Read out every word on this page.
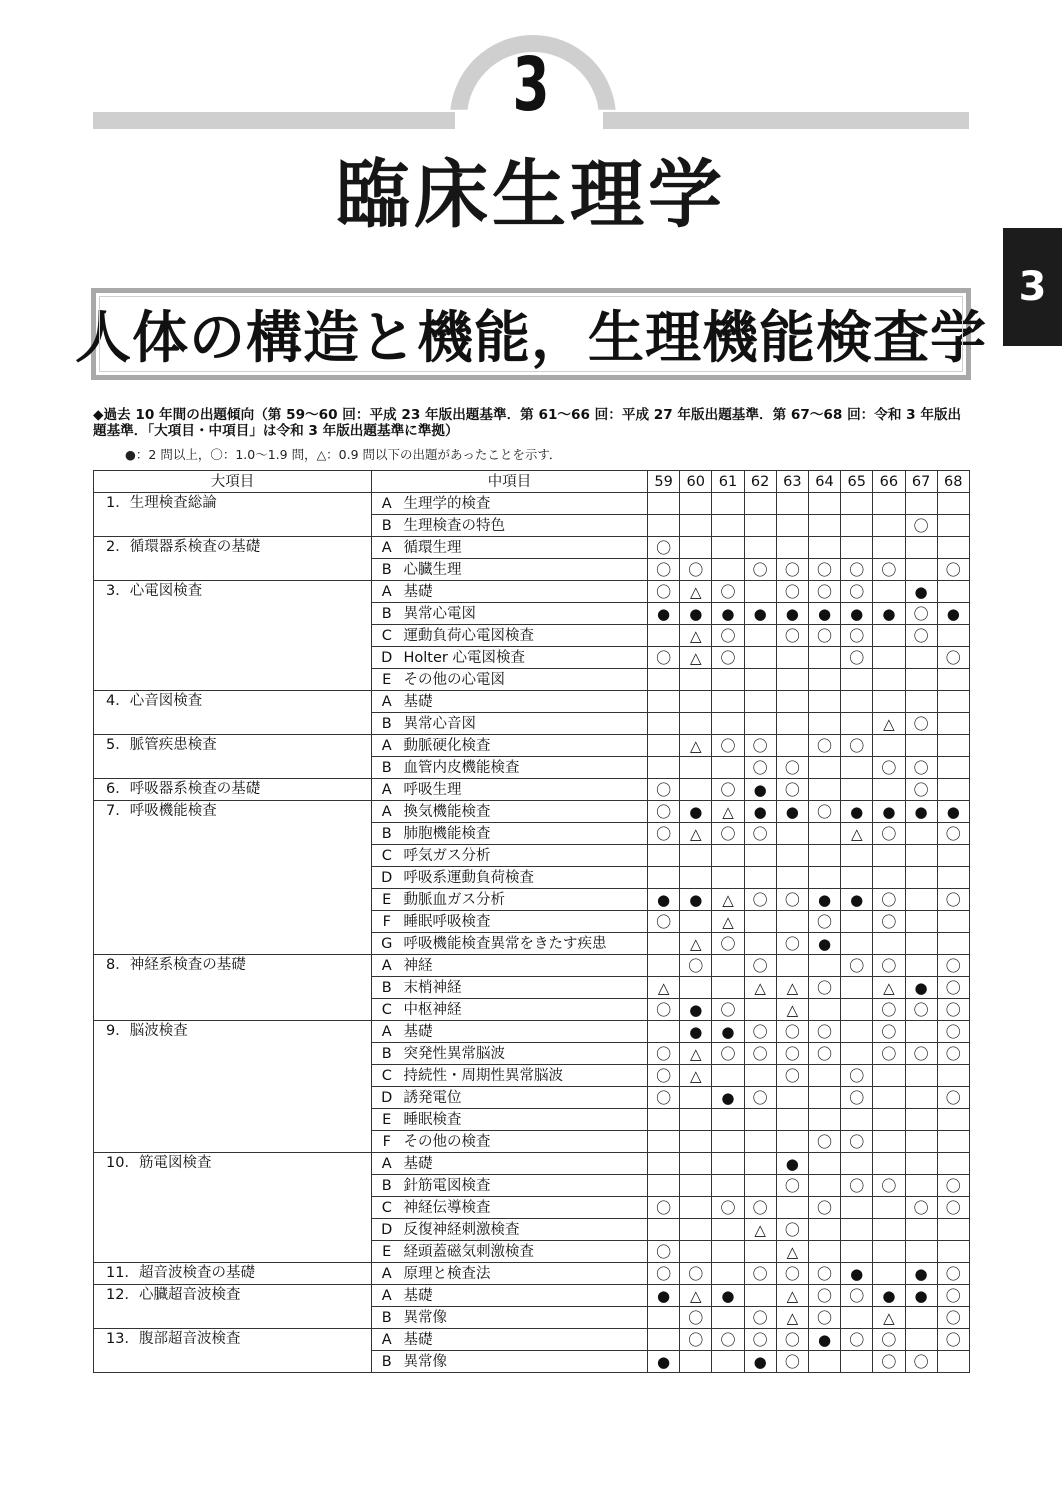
3
臨床生理学
人体の構造と機能，生理機能検査学
3
◆過去 10 年間の出題傾向（第 59〜60 回：平成 23 年版出題基準．第 61〜66 回：平成 27 年版出題基準．第 67〜68 回：令和 3 年版出題基準．「大項目・中項目」は令和 3 年版出題基準に準拠）
●：2 問以上，〇：1.0〜1.9 問，△：0.9 問以下の出題があったことを示す．
大項目	中項目		59	60	61	62	63	64	65	66	67	68
1．生理検査総論	A	生理学的検査										
	B	生理検査の特色									〇	
2．循環器系検査の基礎	A	循環生理	〇									
	B	心臓生理	〇	〇		〇	〇	〇	〇	〇		〇
3．心電図検査	A	基礎	〇	△	〇		〇	〇	〇		●	
	B	異常心電図	●	●	●	●	●	●	●	●	〇	●
	C	運動負荷心電図検査		△	〇		〇	〇	〇		〇	
	D	Holter 心電図検査	〇	△	〇				〇			〇
	E	その他の心電図										
4．心音図検査	A	基礎										
	B	異常心音図								△	〇	
5．脈管疾患検査	A	動脈硬化検査		△	〇	〇		〇	〇			
	B	血管内皮機能検査				〇	〇			〇	〇	
6．呼吸器系検査の基礎	A	呼吸生理	〇		〇	●	〇				〇	
7．呼吸機能検査	A	換気機能検査	〇	●	△	●	●	〇	●	●	●	●
	B	肺胞機能検査	〇	△	〇	〇			△	〇		〇
	C	呼気ガス分析										
	D	呼吸系運動負荷検査										
	E	動脈血ガス分析	●	●	△	〇	〇	●	●	〇		〇
	F	睡眠呼吸検査	〇		△			〇		〇		
	G	呼吸機能検査異常をきたす疾患		△	〇		〇	●				
8．神経系検査の基礎	A	神経		〇		〇			〇	〇		〇
	B	末梢神経	△			△	△	〇		△	●	〇
	C	中枢神経	〇	●	〇		△			〇	〇	〇
9．脳波検査	A	基礎		●	●	〇	〇	〇		〇		〇
	B	突発性異常脳波	〇	△	〇	〇	〇	〇		〇	〇	〇
	C	持続性・周期性異常脳波	〇	△			〇		〇			
	D	誘発電位	〇		●	〇			〇			〇
	E	睡眠検査										
	F	その他の検査						〇	〇			
10．筋電図検査	A	基礎					●					
	B	針筋電図検査					〇		〇	〇		〇
	C	神経伝導検査	〇		〇	〇		〇			〇	〇
	D	反復神経刺激検査				△	〇					
	E	経頭蓋磁気刺激検査	〇				△					
11．超音波検査の基礎	A	原理と検査法	〇	〇		〇	〇	〇	●		●	〇
12．心臓超音波検査	A	基礎	●	△	●		△	〇	〇	●	●	〇
	B	異常像		〇		〇	△	〇		△		〇
13．腹部超音波検査	A	基礎		〇	〇	〇	〇	●	〇	〇		〇
	B	異常像	●			●	〇			〇	〇	
